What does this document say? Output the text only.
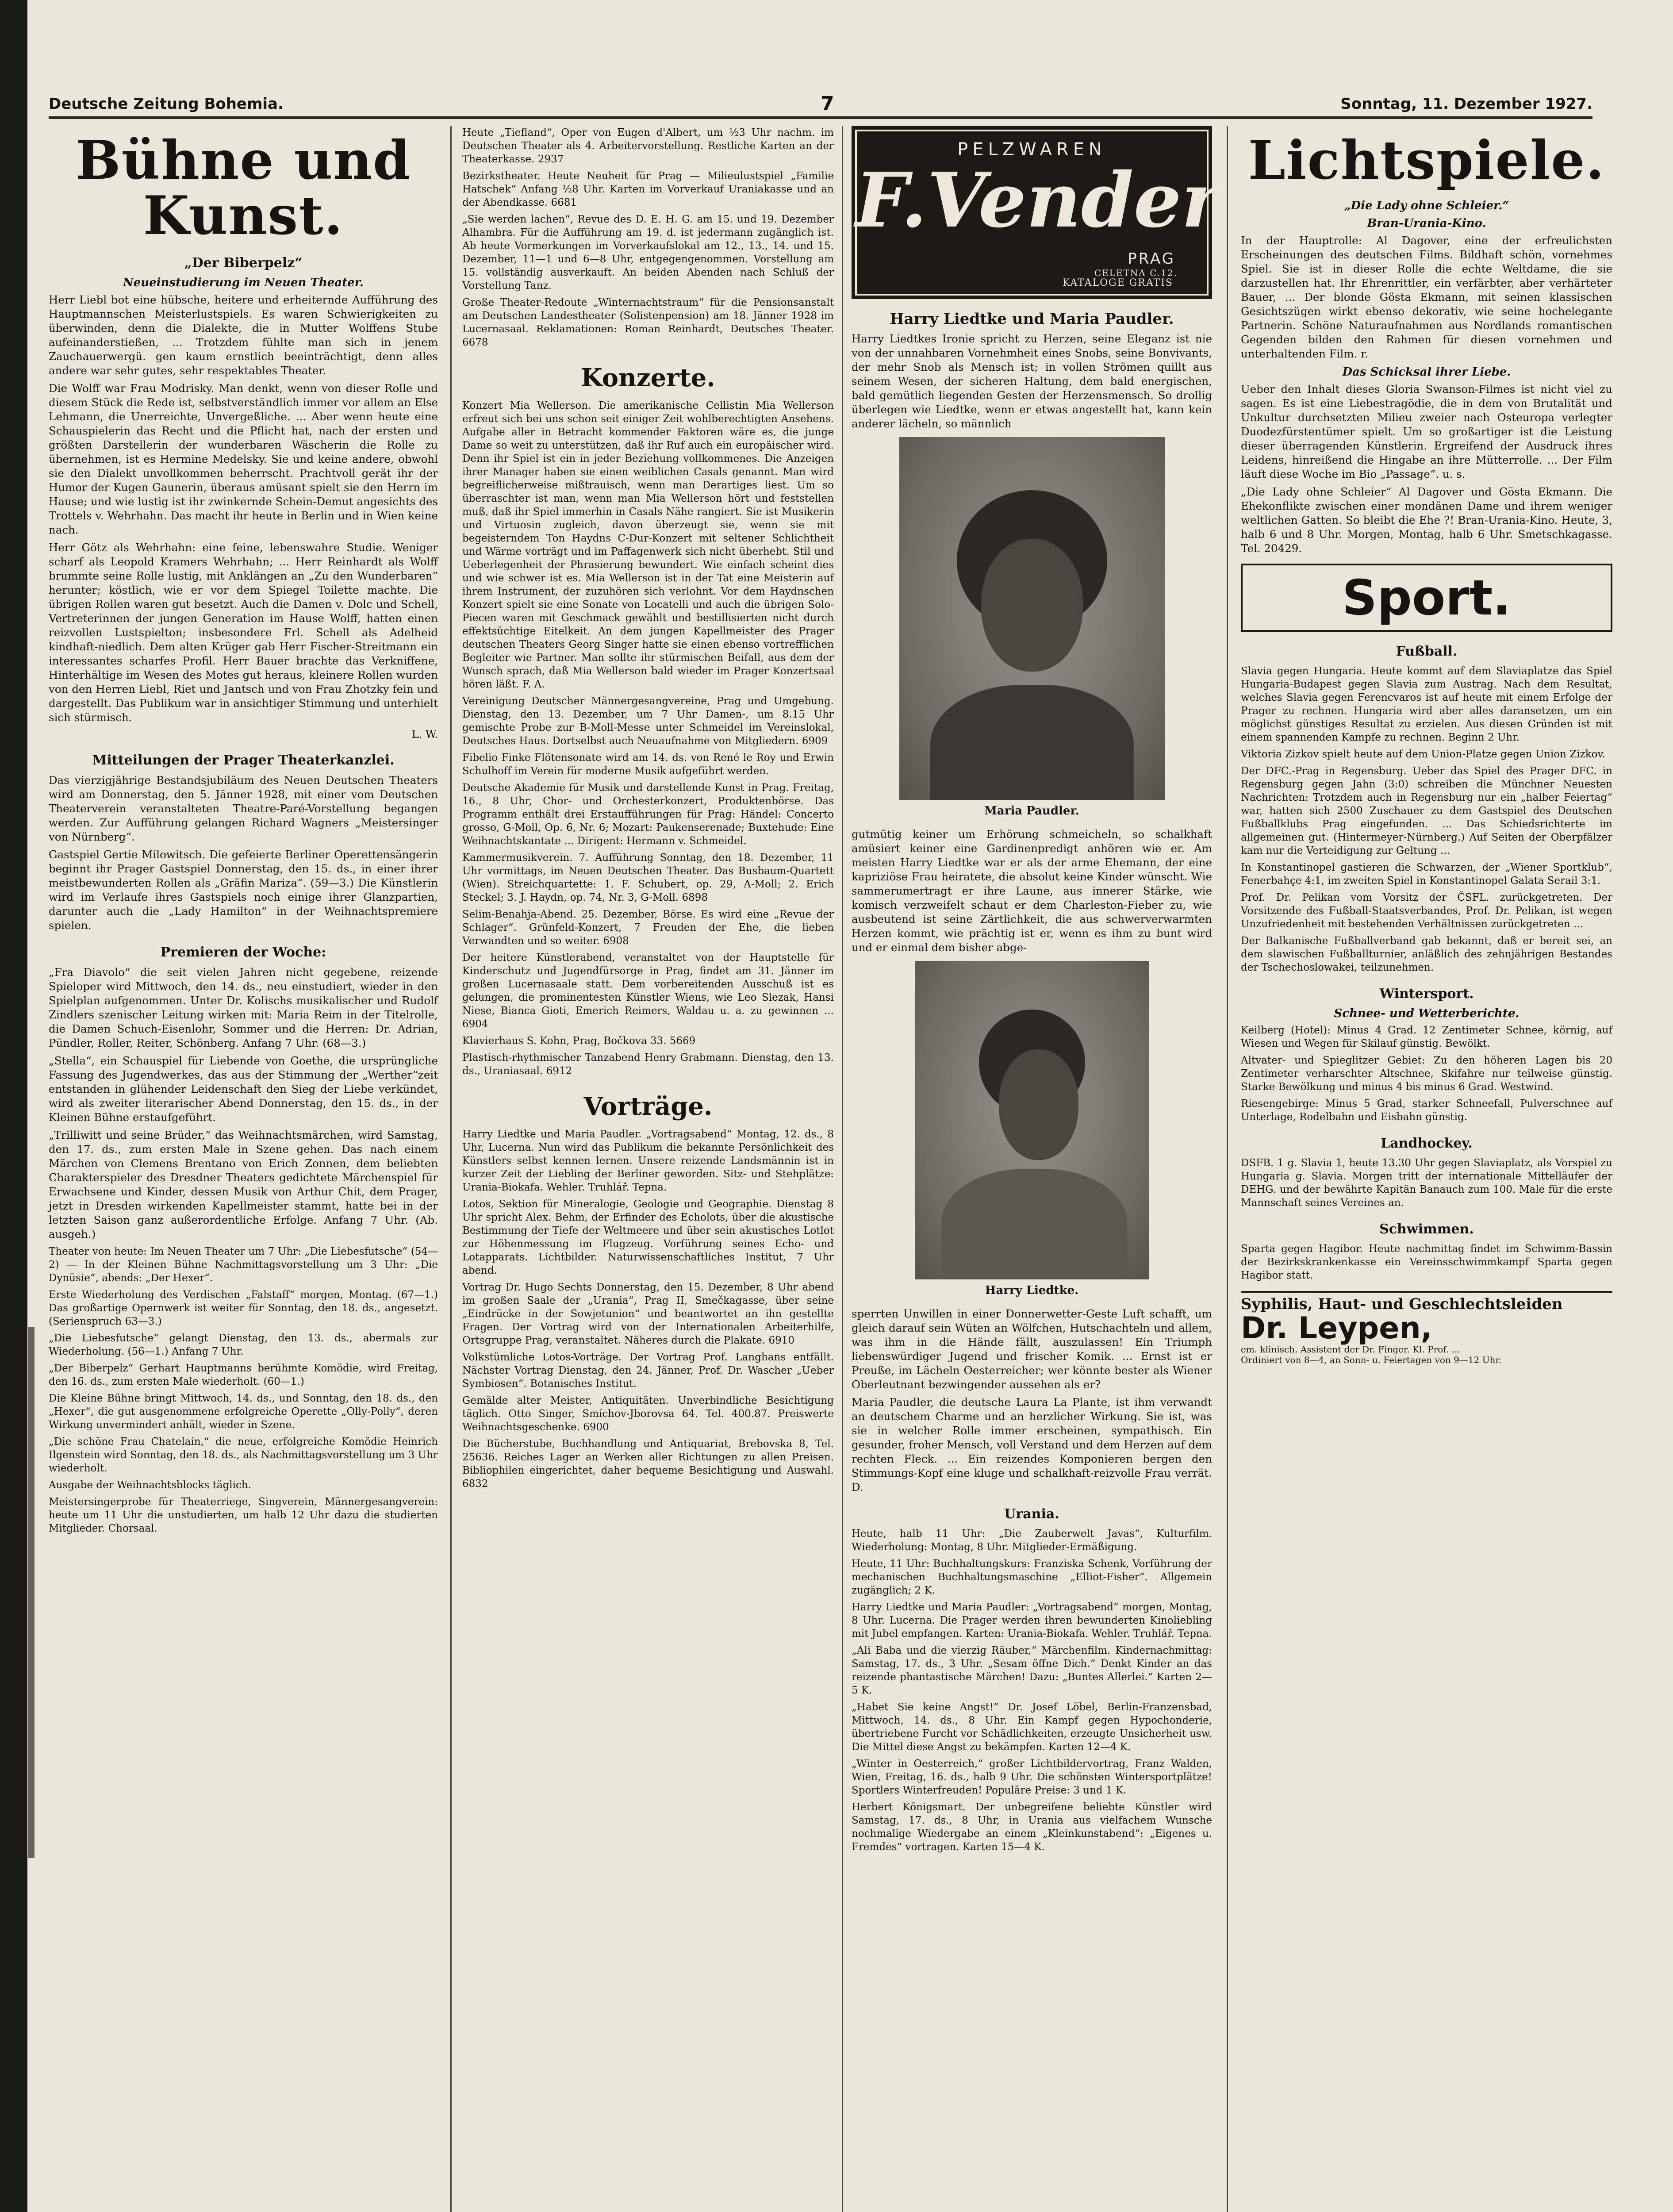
Deutsche Zeitung Bohemia.	7	Sonntag, 11. Dezember 1927.
Bühne und Kunst.
„Der Biberpelz“
Neueinstudierung im Neuen Theater.

Herr Liebl bot eine hübsche, heitere und erheiternde Aufführung des Hauptmannschen Meisterlustspiels. Es waren Schwierigkeiten zu überwinden, denn die Dialekte, die in Mutter Wolffens Stube aufeinanderstießen, ... Trotzdem fühlte man sich in jenem Zauchauerwergü. gen kaum ernstlich beeinträchtigt, denn alles andere war sehr gutes, sehr respektables Theater.

Die Wolff war Frau Modrisky. Man denkt, wenn von dieser Rolle und diesem Stück die Rede ist, selbstverständlich immer vor allem an Else Lehmann, die Unerreichte, Unvergeßliche. ... Aber wenn heute eine Schauspielerin das Recht und die Pflicht hat, nach der ersten und größten Darstellerin der wunderbaren Wäscherin die Rolle zu übernehmen, ist es Hermine Medelsky. Sie und keine andere, obwohl sie den Dialekt unvollkommen beherrscht. Prachtvoll gerät ihr der Humor der Kugen Gaunerin, überaus amüsant spielt sie den Herrn im Hause; und wie lustig ist ihr zwinkernde Schein-Demut angesichts des Trottels v. Wehrhahn. Das macht ihr heute in Berlin und in Wien keine nach.

Herr Götz als Wehrhahn: eine feine, lebenswahre Studie. Weniger scharf als Leopold Kramers Wehrhahn; ... Herr Reinhardt als Wolff brummte seine Rolle lustig, mit Anklängen an „Zu den Wunderbaren“ herunter; köstlich, wie er vor dem Spiegel Toilette machte. Die übrigen Rollen waren gut besetzt. Auch die Damen v. Dolc und Schell, Vertreterinnen der jungen Generation im Hause Wolff, hatten einen reizvollen Lustspielton; insbesondere Frl. Schell als Adelheid kindhaft-niedlich. Dem alten Krüger gab Herr Fischer-Streitmann ein interessantes scharfes Profil. Herr Bauer brachte das Verkniffene, Hinterhältige im Wesen des Motes gut heraus, kleinere Rollen wurden von den Herren Liebl, Riet und Jantsch und von Frau Zhotzky fein und dargestellt. Das Publikum war in ansichtiger Stimmung und unterhielt sich stürmisch.

L. W.
Mitteilungen der Prager Theaterkanzlei.

Das vierzigjährige Bestandsjubiläum des Neuen Deutschen Theaters wird am Donnerstag, den 5. Jänner 1928, mit einer vom Deutschen Theaterverein veranstalteten Theatre-Paré-Vorstellung begangen werden. Zur Aufführung gelangen Richard Wagners „Meistersinger von Nürnberg“.

Gastspiel Gertie Milowitsch. Die gefeierte Berliner Operettensängerin beginnt ihr Prager Gastspiel Donnerstag, den 15. ds., in einer ihrer meistbewunderten Rollen als „Gräfin Mariza“. (59—3.) Die Künstlerin wird im Verlaufe ihres Gastspiels noch einige ihrer Glanzpartien, darunter auch die „Lady Hamilton“ in der Weihnachtspremiere spielen.

Premieren der Woche:

„Fra Diavolo“ die seit vielen Jahren nicht gegebene, reizende Spieloper wird Mittwoch, den 14. ds., neu einstudiert, wieder in den Spielplan aufgenommen. Unter Dr. Kolischs musikalischer und Rudolf Zindlers szenischer Leitung wirken mit: Maria Reim in der Titelrolle, die Damen Schuch-Eisenlohr, Sommer und die Herren: Dr. Adrian, Pündler, Roller, Reiter, Schönberg. Anfang 7 Uhr. (68—3.)

„Stella“, ein Schauspiel für Liebende von Goethe, die ursprüngliche Fassung des Jugendwerkes, das aus der Stimmung der „Werther“zeit entstanden in glühender Leidenschaft den Sieg der Liebe verkündet, wird als zweiter literarischer Abend Donnerstag, den 15. ds., in der Kleinen Bühne erstaufgeführt.

„Trilliwitt und seine Brüder,“ das Weihnachtsmärchen, wird Samstag, den 17. ds., zum ersten Male in Szene gehen. Das nach einem Märchen von Clemens Brentano von Erich Zonnen, dem beliebten Charakterspieler des Dresdner Theaters gedichtete Märchenspiel für Erwachsene und Kinder, dessen Musik von Arthur Chit, dem Prager, jetzt in Dresden wirkenden Kapellmeister stammt, hatte bei in der letzten Saison ganz außerordentliche Erfolge. Anfang 7 Uhr. (Ab. ausgeh.)

Theater von heute: Im Neuen Theater um 7 Uhr: „Die Liebesfutsche“ (54—2) — In der Kleinen Bühne Nachmittagsvorstellung um 3 Uhr: „Die Dynüsie“, abends: „Der Hexer“.

Erste Wiederholung des Verdischen „Falstaff“ morgen, Montag. (67—1.) Das großartige Opernwerk ist weiter für Sonntag, den 18. ds., angesetzt. (Serienspruch 63—3.)

„Die Liebesfutsche“ gelangt Dienstag, den 13. ds., abermals zur Wiederholung. (56—1.) Anfang 7 Uhr.

„Der Biberpelz“ Gerhart Hauptmanns berühmte Komödie, wird Freitag, den 16. ds., zum ersten Male wiederholt. (60—1.)

Die Kleine Bühne bringt Mittwoch, 14. ds., und Sonntag, den 18. ds., den „Hexer“, die gut ausgenommene erfolgreiche Operette „Olly-Polly“, deren Wirkung unvermindert anhält, wieder in Szene.

„Die schöne Frau Chatelain,“ die neue, erfolgreiche Komödie Heinrich Ilgenstein wird Sonntag, den 18. ds., als Nachmittagsvorstellung um 3 Uhr wiederholt.

Ausgabe der Weihnachtsblocks täglich.

Meistersingerprobe für Theaterriege, Singverein, Männergesangverein: heute um 11 Uhr die unstudierten, um halb 12 Uhr dazu die studierten Mitglieder. Chorsaal.

Heute „Tiefland“, Oper von Eugen d'Albert, um ½3 Uhr nachm. im Deutschen Theater als 4. Arbeitervorstellung. Restliche Karten an der Theaterkasse. 2937

Bezirkstheater. Heute Neuheit für Prag — Milieulustspiel „Familie Hatschek“ Anfang ½8 Uhr. Karten im Vorverkauf Uraniakasse und an der Abendkasse. 6681

„Sie werden lachen“, Revue des D. E. H. G. am 15. und 19. Dezember Alhambra. Für die Aufführung am 19. d. ist jedermann zugänglich ist. Ab heute Vormerkungen im Vorverkaufslokal am 12., 13., 14. und 15. Dezember, 11—1 und 6—8 Uhr, entgegengenommen. Vorstellung am 15. vollständig ausverkauft. An beiden Abenden nach Schluß der Vorstellung Tanz.

Große Theater-Redoute „Winternachtstraum“ für die Pensionsanstalt am Deutschen Landestheater (Solistenpension) am 18. Jänner 1928 im Lucernasaal. Reklamationen: Roman Reinhardt, Deutsches Theater. 6678

Konzerte.

Konzert Mia Wellerson. Die amerikanische Cellistin Mia Wellerson erfreut sich bei uns schon seit einiger Zeit wohlberechtigten Ansehens. Aufgabe aller in Betracht kommender Faktoren wäre es, die junge Dame so weit zu unterstützen, daß ihr Ruf auch ein europäischer wird. Denn ihr Spiel ist ein in jeder Beziehung vollkommenes. Die Anzeigen ihrer Manager haben sie einen weiblichen Casals genannt. Man wird begreiflicherweise mißtrauisch, wenn man Derartiges liest. Um so überraschter ist man, wenn man Mia Wellerson hört und feststellen muß, daß ihr Spiel immerhin in Casals Nähe rangiert. Sie ist Musikerin und Virtuosin zugleich, davon überzeugt sie, wenn sie mit begeisterndem Ton Haydns C-Dur-Konzert mit seltener Schlichtheit und Wärme vorträgt und im Paffagenwerk sich nicht überhebt. Stil und Ueberlegenheit der Phrasierung bewundert. Wie einfach scheint dies und wie schwer ist es. Mia Wellerson ist in der Tat eine Meisterin auf ihrem Instrument, der zuzuhören sich verlohnt. Vor dem Haydnschen Konzert spielt sie eine Sonate von Locatelli und auch die übrigen Solo-Piecen waren mit Geschmack gewählt und bestillisierten nicht durch effektsüchtige Eitelkeit. An dem jungen Kapellmeister des Prager deutschen Theaters Georg Singer hatte sie einen ebenso vortrefflichen Begleiter wie Partner. Man sollte ihr stürmischen Beifall, aus dem der Wunsch sprach, daß Mia Wellerson bald wieder im Prager Konzertsaal hören läßt. F. A.

Vereinigung Deutscher Männergesangvereine, Prag und Umgebung. Dienstag, den 13. Dezember, um 7 Uhr Damen-, um 8.15 Uhr gemischte Probe zur B-Moll-Messe unter Schmeidel im Vereinslokal, Deutsches Haus. Dortselbst auch Neuaufnahme von Mitgliedern. 6909

Fibelio Finke Flötensonate wird am 14. ds. von René le Roy und Erwin Schulhoff im Verein für moderne Musik aufgeführt werden.

Deutsche Akademie für Musik und darstellende Kunst in Prag. Freitag, 16., 8 Uhr, Chor- und Orchesterkonzert, Produktenbörse. Das Programm enthält drei Erstaufführungen für Prag: Händel: Concerto grosso, G-Moll, Op. 6, Nr. 6; Mozart: Paukenserenade; Buxtehude: Eine Weihnachtskantate ... Dirigent: Hermann v. Schmeidel.

Kammermusikverein. 7. Aufführung Sonntag, den 18. Dezember, 11 Uhr vormittags, im Neuen Deutschen Theater. Das Busbaum-Quartett (Wien). Streichquartette: 1. F. Schubert, op. 29, A-Moll; 2. Erich Steckel; 3. J. Haydn, op. 74, Nr. 3, G-Moll. 6898

Selim-Benahja-Abend. 25. Dezember, Börse. Es wird eine „Revue der Schlager“. Grünfeld-Konzert, 7 Freuden der Ehe, die lieben Verwandten und so weiter. 6908

Der heitere Künstlerabend, veranstaltet von der Hauptstelle für Kinderschutz und Jugendfürsorge in Prag, findet am 31. Jänner im großen Lucernasaale statt. Dem vorbereitenden Ausschuß ist es gelungen, die prominentesten Künstler Wiens, wie Leo Slezak, Hansi Niese, Bianca Gioti, Emerich Reimers, Waldau u. a. zu gewinnen ... 6904

Klavierhaus S. Kohn, Prag, Bočkova 33. 5669

Plastisch-rhythmischer Tanzabend Henry Grabmann. Dienstag, den 13. ds., Uraniasaal. 6912

Vorträge.

Harry Liedtke und Maria Paudler. „Vortragsabend“ Montag, 12. ds., 8 Uhr, Lucerna. Nun wird das Publikum die bekannte Persönlichkeit des Künstlers selbst kennen lernen. Unsere reizende Landsmännin ist in kurzer Zeit der Liebling der Berliner geworden. Sitz- und Stehplätze: Urania-Biokafa. Wehler. Truhlář. Tepna.

Lotos, Sektion für Mineralogie, Geologie und Geographie. Dienstag 8 Uhr spricht Alex. Behm, der Erfinder des Echolots, über die akustische Bestimmung der Tiefe der Weltmeere und über sein akustisches Lotlot zur Höhenmessung im Flugzeug. Vorführung seines Echo- und Lotapparats. Lichtbilder. Naturwissenschaftliches Institut, 7 Uhr abend.

Vortrag Dr. Hugo Sechts Donnerstag, den 15. Dezember, 8 Uhr abend im großen Saale der „Urania“, Prag II, Smečkagasse, über seine „Eindrücke in der Sowjetunion“ und beantwortet an ihn gestellte Fragen. Der Vortrag wird von der Internationalen Arbeiterhilfe, Ortsgruppe Prag, veranstaltet. Näheres durch die Plakate. 6910

Volkstümliche Lotos-Vorträge. Der Vortrag Prof. Langhans entfällt. Nächster Vortrag Dienstag, den 24. Jänner, Prof. Dr. Wascher „Ueber Symbiosen“. Botanisches Institut.

Gemälde alter Meister, Antiquitäten. Unverbindliche Besichtigung täglich. Otto Singer, Smíchov-Jborovsa 64. Tel. 400.87. Preiswerte Weihnachtsgeschenke. 6900

Die Bücherstube, Buchhandlung und Antiquariat, Brebovska 8, Tel. 25636. Reiches Lager an Werken aller Richtungen zu allen Preisen. Bibliophilen eingerichtet, daher bequeme Besichtigung und Auswahl. 6832

PELZWAREN
F.Vender
PRAG
CELETNA C.12.
KATALOGE GRATIS
Harry Liedtke und Maria Paudler.

Harry Liedtkes Ironie spricht zu Herzen, seine Eleganz ist nie von der unnahbaren Vornehmheit eines Snobs, seine Bonvivants, der mehr Snob als Mensch ist; in vollen Strömen quillt aus seinem Wesen, der sicheren Haltung, dem bald energischen, bald gemütlich liegenden Gesten der Herzensmensch. So drollig überlegen wie Liedtke, wenn er etwas angestellt hat, kann kein anderer lächeln, so männlich

Maria Paudler.

gutmütig keiner um Erhörung schmeicheln, so schalkhaft amüsiert keiner eine Gardinenpredigt anhören wie er. Am meisten Harry Liedtke war er als der arme Ehemann, der eine kapriziöse Frau heiratete, die absolut keine Kinder wünscht. Wie sammerumertragt er ihre Laune, aus innerer Stärke, wie komisch verzweifelt schaut er dem Charleston-Fieber zu, wie ausbeutend ist seine Zärtlichkeit, die aus schwerverwarmten Herzen kommt, wie prächtig ist er, wenn es ihm zu bunt wird und er einmal dem bisher abge-

Harry Liedtke.

sperrten Unwillen in einer Donnerwetter-Geste Luft schafft, um gleich darauf sein Wüten an Wölfchen, Hutschachteln und allem, was ihm in die Hände fällt, auszulassen! Ein Triumph liebenswürdiger Jugend und frischer Komik. ... Ernst ist er Preuße, im Lächeln Oesterreicher; wer könnte bester als Wiener Oberleutnant bezwingender aussehen als er?

Maria Paudler, die deutsche Laura La Plante, ist ihm verwandt an deutschem Charme und an herzlicher Wirkung. Sie ist, was sie in welcher Rolle immer erscheinen, sympathisch. Ein gesunder, froher Mensch, voll Verstand und dem Herzen auf dem rechten Fleck. ... Ein reizendes Komponieren bergen den Stimmungs-Kopf eine kluge und schalkhaft-reizvolle Frau verrät. D.

Urania.

Heute, halb 11 Uhr: „Die Zauberwelt Javas“, Kulturfilm. Wiederholung: Montag, 8 Uhr. Mitglieder-Ermäßigung.

Heute, 11 Uhr: Buchhaltungskurs: Franziska Schenk, Vorführung der mechanischen Buchhaltungsmaschine „Elliot-Fisher“. Allgemein zugänglich; 2 K.

Harry Liedtke und Maria Paudler: „Vortragsabend“ morgen, Montag, 8 Uhr. Lucerna. Die Prager werden ihren bewunderten Kinoliebling mit Jubel empfangen. Karten: Urania-Biokafa. Wehler. Truhlář. Tepna.

„Ali Baba und die vierzig Räuber,“ Märchenfilm. Kindernachmittag: Samstag, 17. ds., 3 Uhr. „Sesam öffne Dich.“ Denkt Kinder an das reizende phantastische Märchen! Dazu: „Buntes Allerlei.“ Karten 2—5 K.

„Habet Sie keine Angst!“ Dr. Josef Löbel, Berlin-Franzensbad, Mittwoch, 14. ds., 8 Uhr. Ein Kampf gegen Hypochonderie, übertriebene Furcht vor Schädlichkeiten, erzeugte Unsicherheit usw. Die Mittel diese Angst zu bekämpfen. Karten 12—4 K.

„Winter in Oesterreich,“ großer Lichtbildervortrag, Franz Walden, Wien, Freitag, 16. ds., halb 9 Uhr. Die schönsten Wintersportplätze! Sportlers Winterfreuden! Populäre Preise: 3 und 1 K.

Herbert Königsmart. Der unbegreifene beliebte Künstler wird Samstag, 17. ds., 8 Uhr, in Urania aus vielfachem Wunsche nochmalige Wiedergabe an einem „Kleinkunstabend“: „Eigenes u. Fremdes“ vortragen. Karten 15—4 K.

Lichtspiele.
„Die Lady ohne Schleier.“
Bran-Urania-Kino.

In der Hauptrolle: Al Dagover, eine der erfreulichsten Erscheinungen des deutschen Films. Bildhaft schön, vornehmes Spiel. Sie ist in dieser Rolle die echte Weltdame, die sie darzustellen hat. Ihr Ehrenrittler, ein verfärbter, aber verhärteter Bauer, ... Der blonde Gösta Ekmann, mit seinen klassischen Gesichtszügen wirkt ebenso dekorativ, wie seine hochelegante Partnerin. Schöne Naturaufnahmen aus Nordlands romantischen Gegenden bilden den Rahmen für diesen vornehmen und unterhaltenden Film. r.

Das Schicksal ihrer Liebe.

Ueber den Inhalt dieses Gloria Swanson-Filmes ist nicht viel zu sagen. Es ist eine Liebestragödie, die in dem von Brutalität und Unkultur durchsetzten Milieu zweier nach Osteuropa verlegter Duodezfürstentümer spielt. Um so großartiger ist die Leistung dieser überragenden Künstlerin. Ergreifend der Ausdruck ihres Leidens, hinreißend die Hingabe an ihre Mütterrolle. ... Der Film läuft diese Woche im Bio „Passage“. u. s.

„Die Lady ohne Schleier“ Al Dagover und Gösta Ekmann. Die Ehekonflikte zwischen einer mondänen Dame und ihrem weniger weltlichen Gatten. So bleibt die Ehe ?! Bran-Urania-Kino. Heute, 3, halb 6 und 8 Uhr. Morgen, Montag, halb 6 Uhr. Smetschkagasse. Tel. 20429.

Sport.
Fußball.

Slavia gegen Hungaria. Heute kommt auf dem Slaviaplatze das Spiel Hungaria-Budapest gegen Slavia zum Austrag. Nach dem Resultat, welches Slavia gegen Ferencvaros ist auf heute mit einem Erfolge der Prager zu rechnen. Hungaria wird aber alles daransetzen, um ein möglichst günstiges Resultat zu erzielen. Aus diesen Gründen ist mit einem spannenden Kampfe zu rechnen. Beginn 2 Uhr.

Viktoria Zizkov spielt heute auf dem Union-Platze gegen Union Zizkov.

Der DFC.-Prag in Regensburg. Ueber das Spiel des Prager DFC. in Regensburg gegen Jahn (3:0) schreiben die Münchner Neuesten Nachrichten: Trotzdem auch in Regensburg nur ein „halber Feiertag“ war, hatten sich 2500 Zuschauer zu dem Gastspiel des Deutschen Fußballklubs Prag eingefunden. ... Das Schiedsrichterte im allgemeinen gut. (Hintermeyer-Nürnberg.) Auf Seiten der Oberpfälzer kam nur die Verteidigung zur Geltung ...

In Konstantinopel gastieren die Schwarzen, der „Wiener Sportklub“, Fenerbahçe 4:1, im zweiten Spiel in Konstantinopel Galata Serail 3:1.

Prof. Dr. Pelikan vom Vorsitz der ČSFL. zurückgetreten. Der Vorsitzende des Fußball-Staatsverbandes, Prof. Dr. Pelikan, ist wegen Unzufriedenheit mit bestehenden Verhältnissen zurückgetreten ...

Der Balkanische Fußballverband gab bekannt, daß er bereit sei, an dem slawischen Fußballturnier, anläßlich des zehnjährigen Bestandes der Tschechoslowakei, teilzunehmen.

Wintersport.
Schnee- und Wetterberichte.

Keilberg (Hotel): Minus 4 Grad. 12 Zentimeter Schnee, körnig, auf Wiesen und Wegen für Skilauf günstig. Bewölkt.

Altvater- und Spieglitzer Gebiet: Zu den höheren Lagen bis 20 Zentimeter verharschter Altschnee, Skifahre nur teilweise günstig. Starke Bewölkung und minus 4 bis minus 6 Grad. Westwind.

Riesengebirge: Minus 5 Grad, starker Schneefall, Pulverschnee auf Unterlage, Rodelbahn und Eisbahn günstig.

Landhockey.

DSFB. 1 g. Slavia 1, heute 13.30 Uhr gegen Slaviaplatz, als Vorspiel zu Hungaria g. Slavia. Morgen tritt der internationale Mittelläufer der DEHG. und der bewährte Kapitän Banauch zum 100. Male für die erste Mannschaft seines Vereines an.

Schwimmen.

Sparta gegen Hagibor. Heute nachmittag findet im Schwimm-Bassin der Bezirkskrankenkasse ein Vereinsschwimmkampf Sparta gegen Hagibor statt.

Syphilis, Haut- und Geschlechtsleiden
Dr. Leypen,
em. klinisch. Assistent der Dr. Finger. Kl. Prof. ...
Ordiniert von 8—4, an Sonn- u. Feiertagen von 9—12 Uhr.
